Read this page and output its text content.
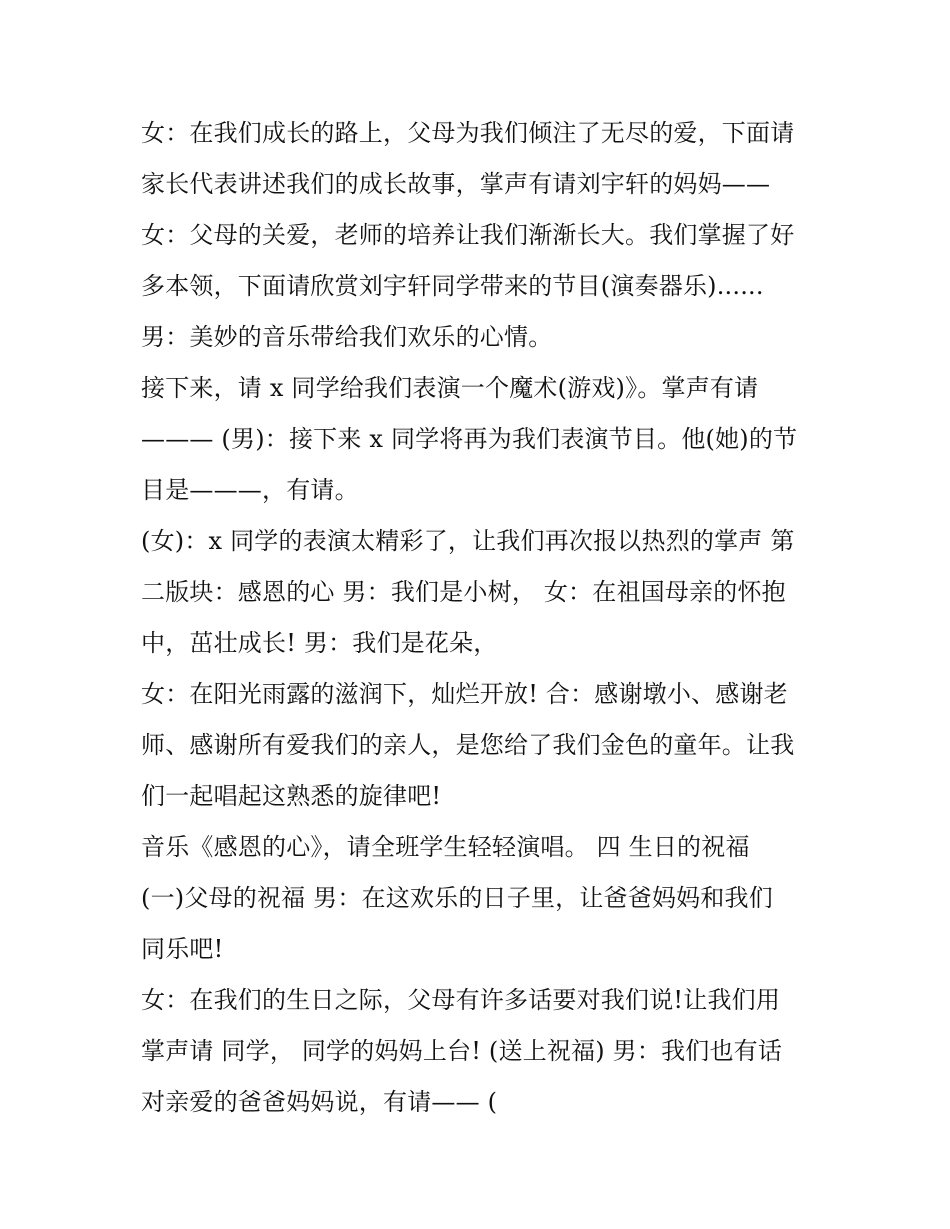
女：在我们成长的路上，父母为我们倾注了无尽的爱，下面请
家长代表讲述我们的成长故事，掌声有请刘宇轩的妈妈——
女：父母的关爱，老师的培养让我们渐渐长大。我们掌握了好
多本领，下面请欣赏刘宇轩同学带来的节目(演奏器乐)......
男：美妙的音乐带给我们欢乐的心情。
接下来，请 x 同学给我们表演一个魔术(游戏)》。掌声有请
——— (男)：接下来 x 同学将再为我们表演节目。他(她)的节
目是———，有请。
(女)：x 同学的表演太精彩了，让我们再次报以热烈的掌声 第
二版块：感恩的心 男：我们是小树， 女：在祖国母亲的怀抱
中，茁壮成长! 男：我们是花朵，
女：在阳光雨露的滋润下，灿烂开放! 合：感谢墩小、感谢老
师、感谢所有爱我们的亲人，是您给了我们金色的童年。让我
们一起唱起这熟悉的旋律吧!
音乐《感恩的心》，请全班学生轻轻演唱。 四 生日的祝福
(一)父母的祝福 男：在这欢乐的日子里，让爸爸妈妈和我们
同乐吧!
女：在我们的生日之际，父母有许多话要对我们说!让我们用
掌声请 同学， 同学的妈妈上台! (送上祝福) 男：我们也有话
对亲爱的爸爸妈妈说，有请—— (
